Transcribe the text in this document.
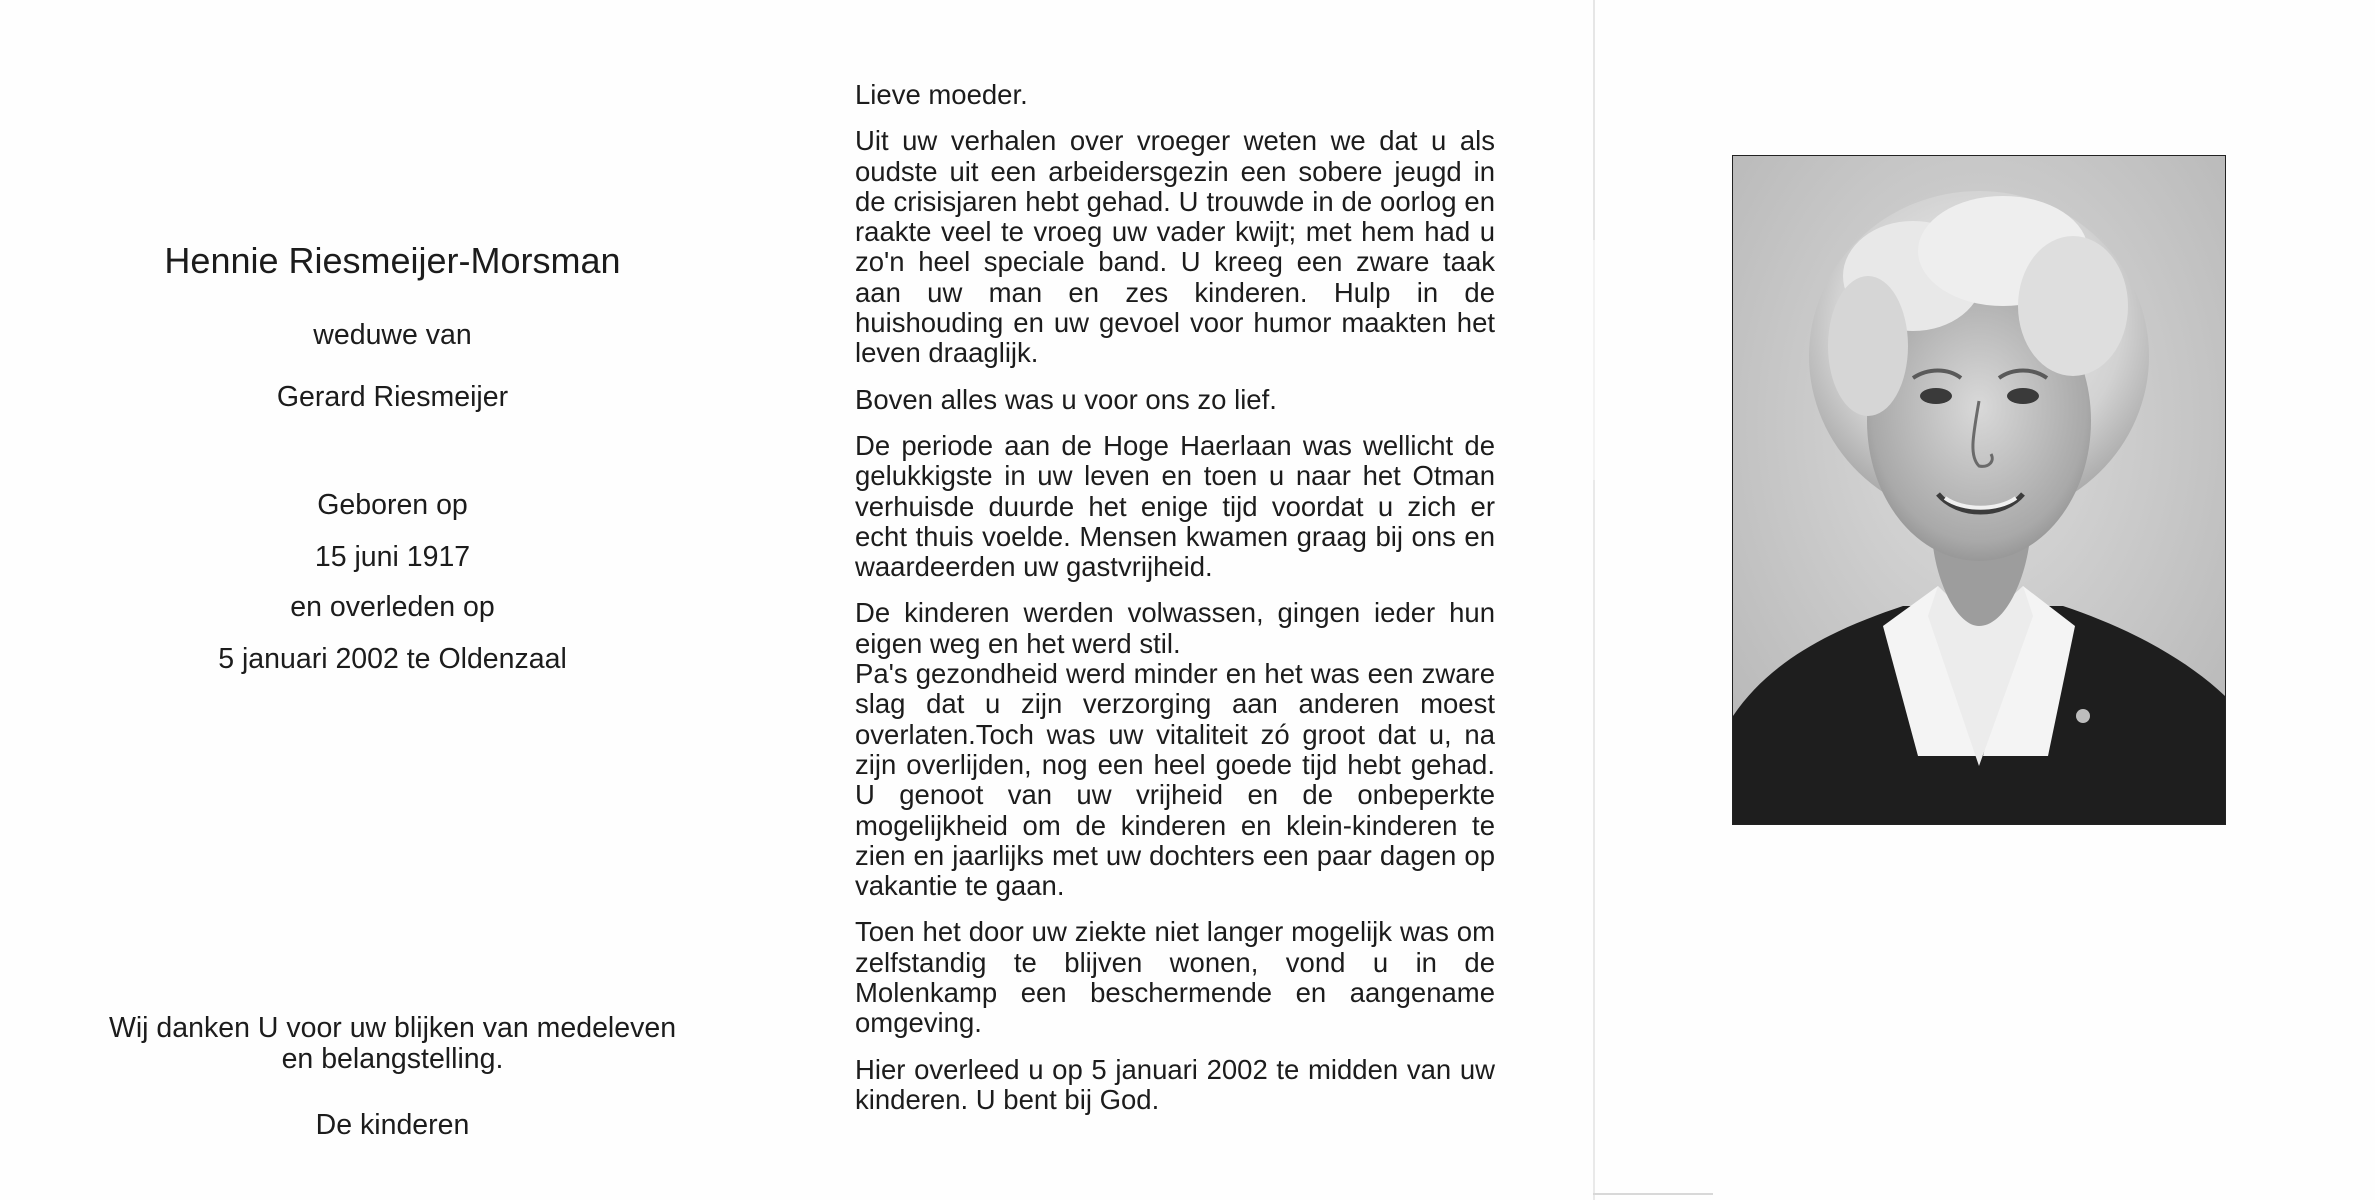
Hennie Riesmeijer-Morsman
weduwe van
Gerard Riesmeijer
Geboren op
15 juni 1917
en overleden op
5 januari 2002 te Oldenzaal
Wij danken U voor uw blijken van medeleven
en belangstelling.
De kinderen

Lieve moeder.

Uit uw verhalen over vroeger weten we dat u als oudste uit een arbeidersgezin een sobere jeugd in de crisisjaren hebt gehad. U trouwde in de oorlog en raakte veel te vroeg uw vader kwijt; met hem had u zo'n heel speciale band. U kreeg een zware taak aan uw man en zes kinderen. Hulp in de huishouding en uw gevoel voor humor maakten het leven draaglijk.

Boven alles was u voor ons zo lief.

De periode aan de Hoge Haerlaan was wellicht de gelukkigste in uw leven en toen u naar het Otman verhuisde duurde het enige tijd voordat u zich er echt thuis voelde. Mensen kwamen graag bij ons en waardeerden uw gastvrijheid.

De kinderen werden volwassen, gingen ieder hun eigen weg en het werd stil.

Pa's gezondheid werd minder en het was een zware slag dat u zijn verzorging aan anderen moest overlaten.Toch was uw vitaliteit zó groot dat u, na zijn overlijden, nog een heel goede tijd hebt gehad. U genoot van uw vrijheid en de onbeperkte mogelijkheid om de kinderen en klein-kinderen te zien en jaarlijks met uw dochters een paar dagen op vakantie te gaan.

Toen het door uw ziekte niet langer mogelijk was om zelfstandig te blijven wonen, vond u in de Molenkamp een beschermende en aangename omgeving.

Hier overleed u op 5 januari 2002 te midden van uw kinderen. U bent bij God.
